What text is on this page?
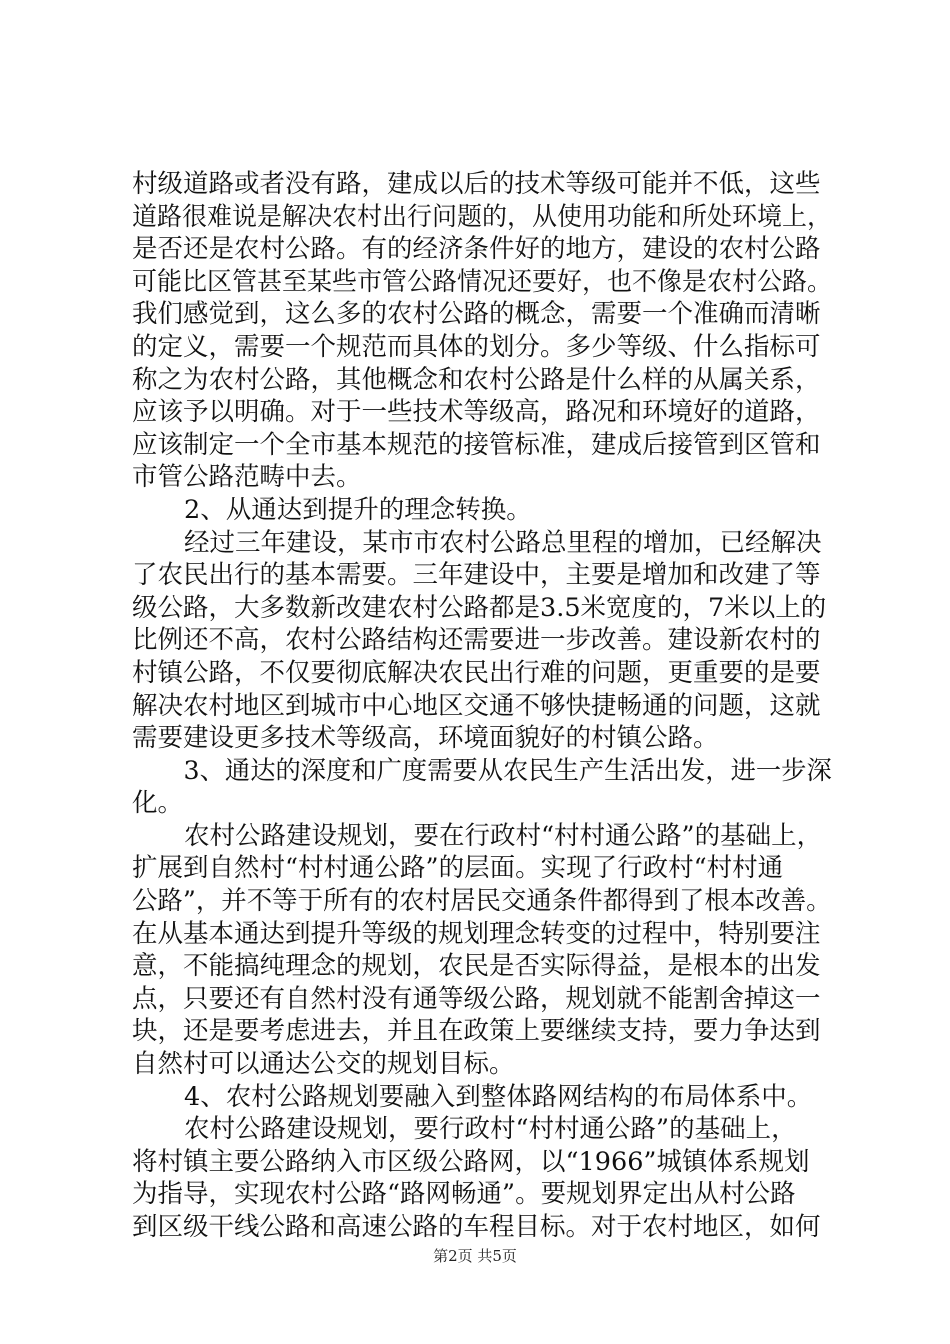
村级道路或者没有路，建成以后的技术等级可能并不低，这些
道路很难说是解决农村出行问题的，从使用功能和所处环境上，
是否还是农村公路。有的经济条件好的地方，建设的农村公路
可能比区管甚至某些市管公路情况还要好，也不像是农村公路。
我们感觉到，这么多的农村公路的概念，需要一个准确而清晰
的定义，需要一个规范而具体的划分。多少等级、什么指标可
称之为农村公路，其他概念和农村公路是什么样的从属关系，
应该予以明确。对于一些技术等级高，路况和环境好的道路，
应该制定一个全市基本规范的接管标准，建成后接管到区管和
市管公路范畴中去。
2、从通达到提升的理念转换。
经过三年建设，某市市农村公路总里程的增加，已经解决
了农民出行的基本需要。三年建设中，主要是增加和改建了等
级公路，大多数新改建农村公路都是3.5米宽度的，7米以上的
比例还不高，农村公路结构还需要进一步改善。建设新农村的
村镇公路，不仅要彻底解决农民出行难的问题，更重要的是要
解决农村地区到城市中心地区交通不够快捷畅通的问题，这就
需要建设更多技术等级高，环境面貌好的村镇公路。
3、通达的深度和广度需要从农民生产生活出发，进一步深
化。
农村公路建设规划，要在行政村“村村通公路”的基础上，
扩展到自然村“村村通公路”的层面。实现了行政村“村村通
公路”，并不等于所有的农村居民交通条件都得到了根本改善。
在从基本通达到提升等级的规划理念转变的过程中，特别要注
意，不能搞纯理念的规划，农民是否实际得益，是根本的出发
点，只要还有自然村没有通等级公路，规划就不能割舍掉这一
块，还是要考虑进去，并且在政策上要继续支持，要力争达到
自然村可以通达公交的规划目标。
4、农村公路规划要融入到整体路网结构的布局体系中。
农村公路建设规划，要行政村“村村通公路”的基础上，
将村镇主要公路纳入市区级公路网，以“1966”城镇体系规划
为指导，实现农村公路“路网畅通”。要规划界定出从村公路
到区级干线公路和高速公路的车程目标。对于农村地区，如何
第2页 共5页
